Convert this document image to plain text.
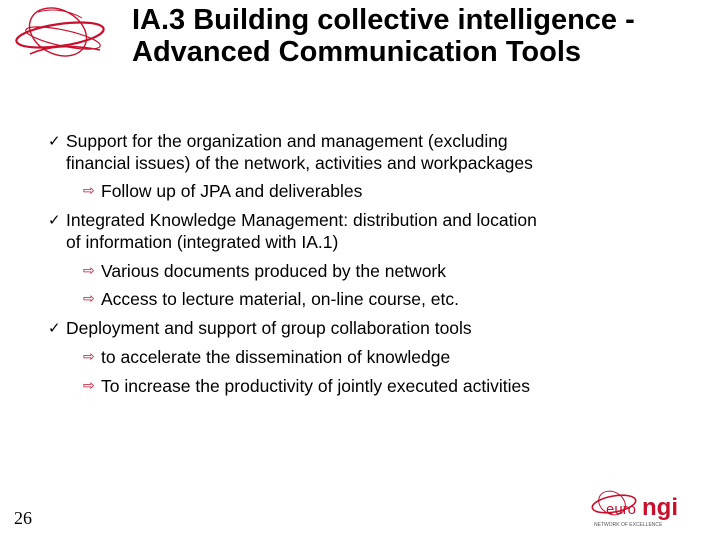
IA.3 Building collective intelligence -
Advanced Communication Tools
✓ Support for the organization and management (excluding
financial issues) of the network, activities and workpackages
⇨ Follow up of JPA and deliverables
✓ Integrated Knowledge Management: distribution and location
of information (integrated with IA.1)
⇨ Various documents produced by the network
⇨ Access to lecture material, on-line course, etc.
✓ Deployment and support of group collaboration tools
⇨ to accelerate the dissemination of knowledge
⇨ To increase the productivity of jointly executed activities
26	euro ngi
NETWORK OF EXCELLENCE
